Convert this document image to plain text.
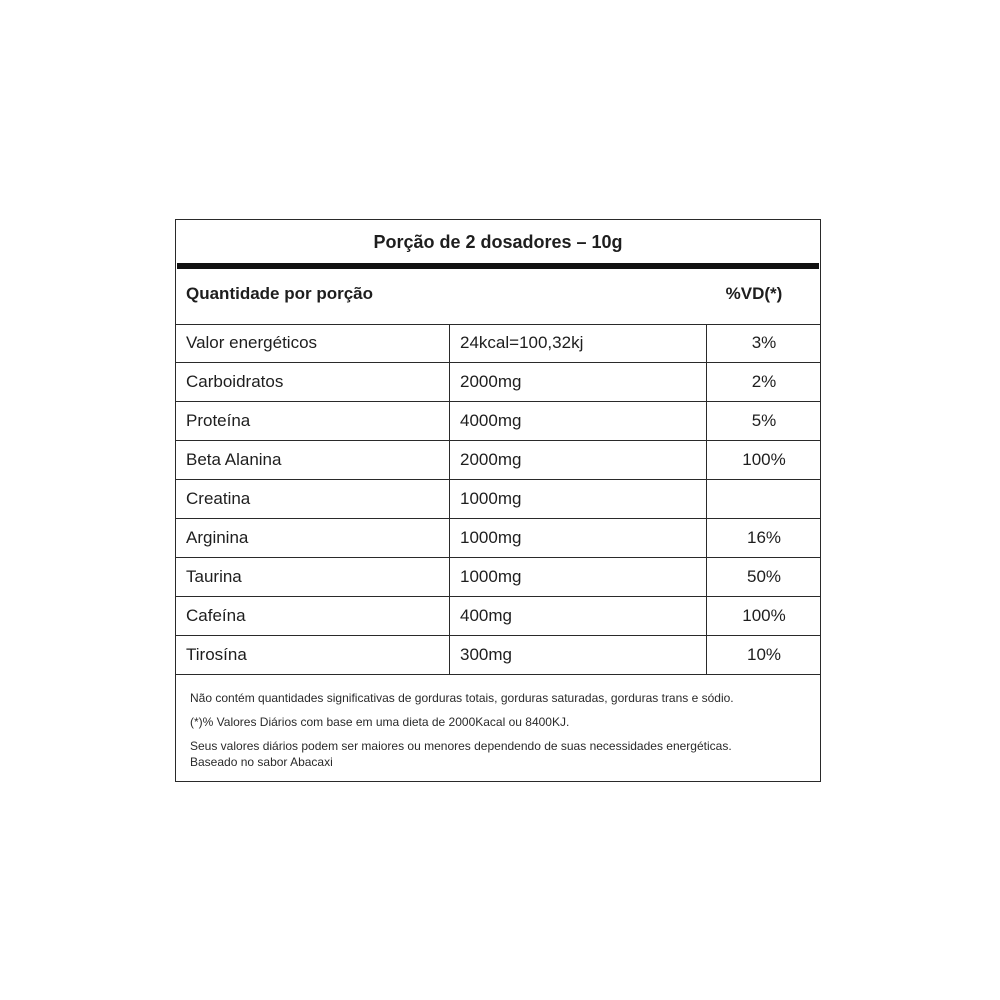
Porção de 2 dosadores – 10g
Quantidade por porção	%VD(*)
Valor energéticos	24kcal=100,32kj	3%
Carboidratos	2000mg	2%
Proteína	4000mg	5%
Beta Alanina	2000mg	100%
Creatina	1000mg	
Arginina	1000mg	16%
Taurina	1000mg	50%
Cafeína	400mg	100%
Tirosína	300mg	10%

Não contém quantidades significativas de gorduras totais, gorduras saturadas, gorduras trans e sódio.

(*)% Valores Diários com base em uma dieta de 2000Kacal ou 8400KJ.

Seus valores diários podem ser maiores ou menores dependendo de suas necessidades energéticas.

Baseado no sabor Abacaxi
